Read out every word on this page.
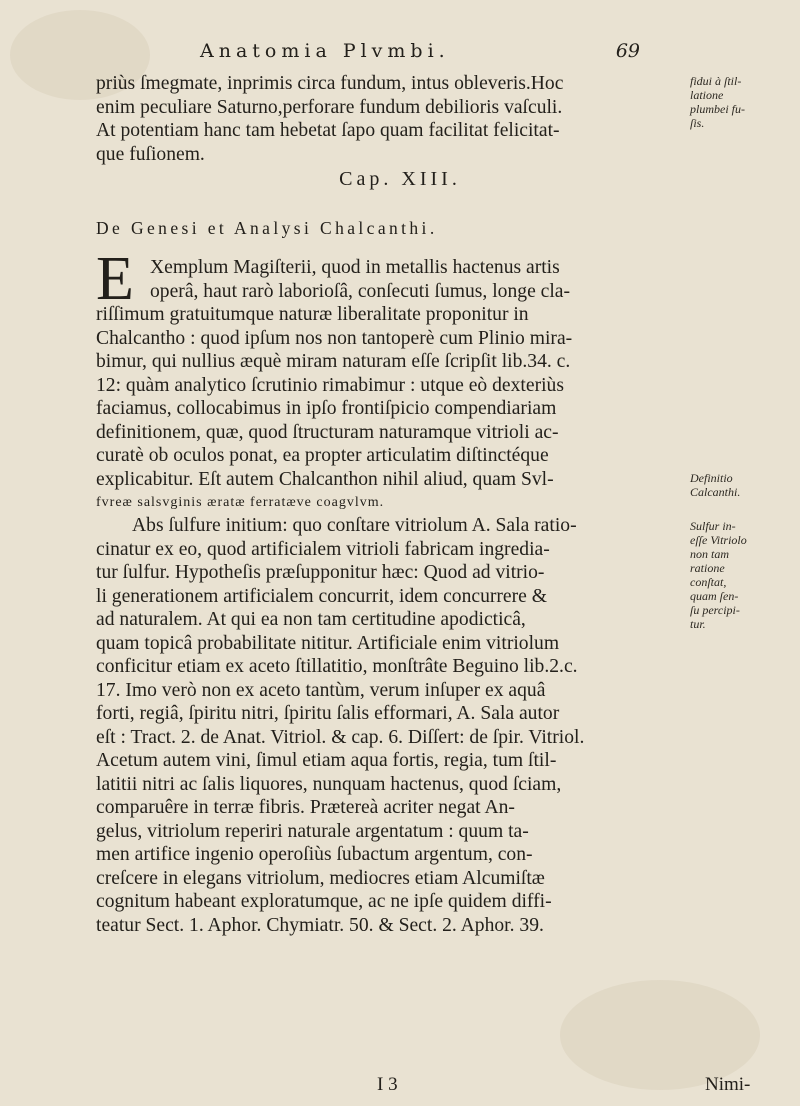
Anatomia Plvmbi.	69
priùs ſmegmate, inprimis circa fundum, intus obleveris.Hoc
enim peculiare Saturno,perforare fundum debilioris vaſculi.
At potentiam hanc tam hebetat ſapo quam facilitat felicitat-
que fuſionem.
Cap. XIII.
De Genesi et Analysi Chalcanthi.
E Xemplum Magiſterii, quod in metallis hactenus artis
operâ, haut rarò laborioſâ, conſecuti ſumus, longe cla-
riſſimum gratuitumque naturæ liberalitate proponitur in
Chalcantho : quod ipſum nos non tantoperè cum Plinio mira-
bimur, qui nullius æquè miram naturam eſſe ſcripſit lib.34. c.
12: quàm analytico ſcrutinio rimabimur : utque eò dexteriùs
faciamus, collocabimus in ipſo frontiſpicio compendiariam
definitionem, quæ, quod ſtructuram naturamque vitrioli ac-
curatè ob oculos ponat, ea propter articulatim diſtinctéque
explicabitur. Eſt autem Chalcanthon nihil aliud, quam Svl-
fvreæ salsvginis æratæ ferratæve coagvlvm.
Abs ſulfure initium: quo conſtare vitriolum A. Sala ratio-
cinatur ex eo, quod artificialem vitrioli fabricam ingredia-
tur ſulfur. Hypotheſis præſupponitur hæc: Quod ad vitrio-
li generationem artificialem concurrit, idem concurrere &
ad naturalem. At qui ea non tam certitudine apodicticâ,
quam topicâ probabilitate nititur. Artificiale enim vitriolum
conficitur etiam ex aceto ſtillatitio, monſtrâte Beguino lib.2.c.
17. Imo verò non ex aceto tantùm, verum inſuper ex aquâ
forti, regiâ, ſpiritu nitri, ſpiritu ſalis efformari, A. Sala autor
eſt : Tract. 2. de Anat. Vitriol. & cap. 6. Diſſert: de ſpir. Vitriol.
Acetum autem vini, ſimul etiam aqua fortis, regia, tum ſtil-
latitii nitri ac ſalis liquores, nunquam hactenus, quod ſciam,
comparuêre in terræ fibris. Prætereà acriter negat An-
gelus, vitriolum reperiri naturale argentatum : quum ta-
men artifice ingenio operoſiùs ſubactum argentum, con-
creſcere in elegans vitriolum, mediocres etiam Alcumiſtæ
cognitum habeant exploratumque, ac ne ipſe quidem diffi-
teatur Sect. 1. Aphor. Chymiatr. 50. & Sect. 2. Aphor. 39.
fidui à ſtil-
latione
plumbei fu-
ſis.
Definitio
Calcanthi.
Sulfur in-
eſſe Vitriolo
non tam
ratione
conſtat,
quam ſen-
ſu percipi-
tur.
I 3	Nimi-
